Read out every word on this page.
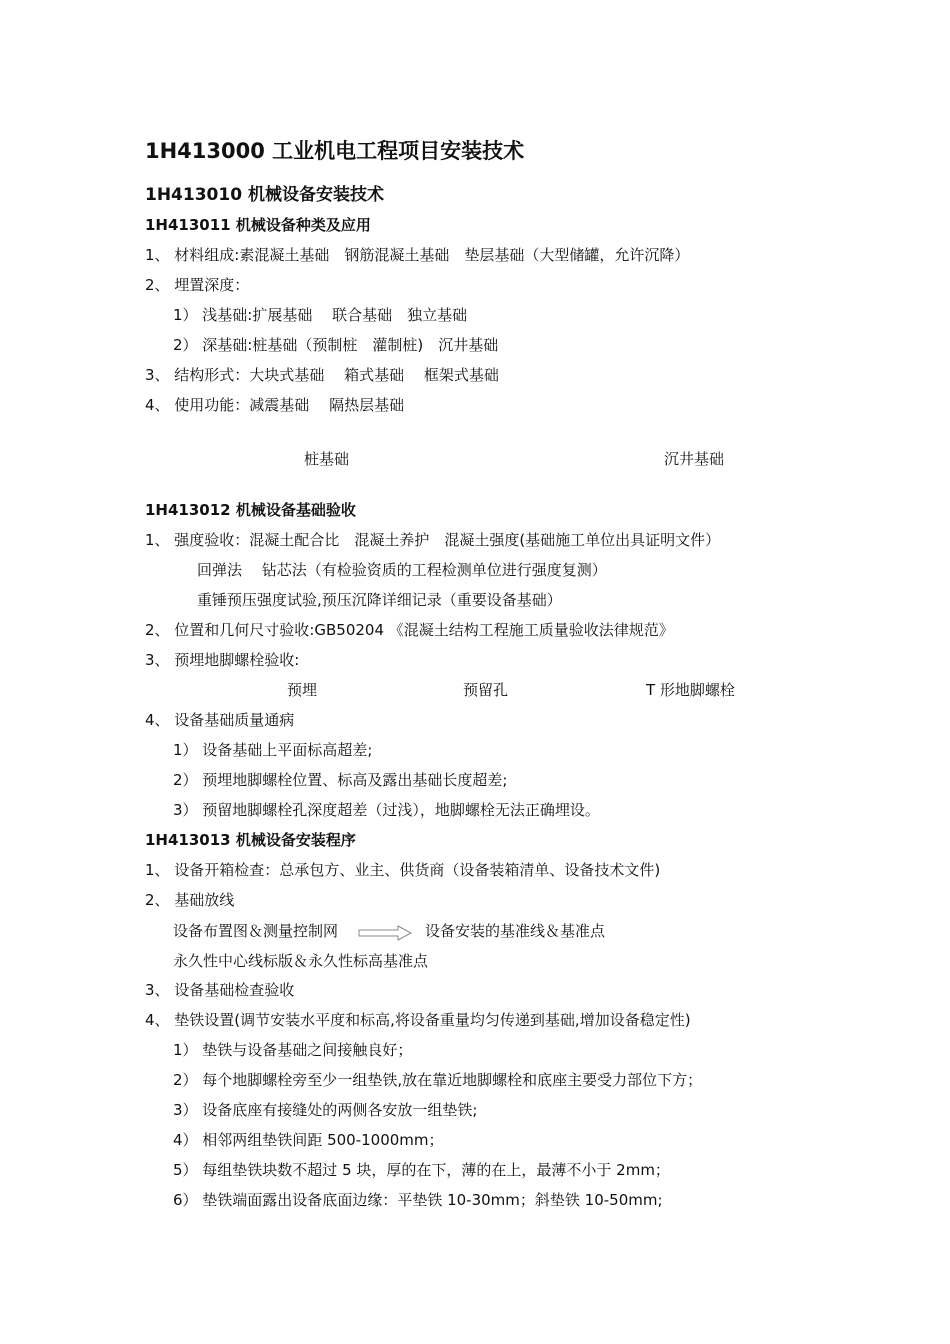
1H413000 工业机电工程项目安装技术
1H413010 机械设备安装技术
1H413011 机械设备种类及应用
1、 材料组成:素混凝土基础　钢筋混凝土基础　垫层基础（大型储罐，允许沉降）
2、 埋置深度：
1） 浅基础:扩展基础　 联合基础　独立基础
2） 深基础:桩基础（预制桩　灌制桩)　沉井基础
3、 结构形式：大块式基础　 箱式基础　 框架式基础
4、 使用功能：减震基础　 隔热层基础
桩基础	沉井基础
1H413012 机械设备基础验收
1、 强度验收：混凝土配合比　混凝土养护　混凝土强度(基础施工单位出具证明文件）
回弹法　 钻芯法（有检验资质的工程检测单位进行强度复测）
重锤预压强度试验,预压沉降详细记录（重要设备基础）
2、 位置和几何尺寸验收:GB50204 《混凝土结构工程施工质量验收法律规范》
3、 预埋地脚螺栓验收:
预埋	预留孔	T 形地脚螺栓
4、 设备基础质量通病
1） 设备基础上平面标高超差;
2） 预埋地脚螺栓位置、标高及露出基础长度超差;
3） 预留地脚螺栓孔深度超差（过浅），地脚螺栓无法正确埋设。
1H413013 机械设备安装程序
1、 设备开箱检查：总承包方、业主、供货商（设备装箱清单、设备技术文件)
2、 基础放线
设备布置图＆测量控制网	设备安装的基准线＆基准点
永久性中心线标版＆永久性标高基准点
3、 设备基础检查验收
4、 垫铁设置(调节安装水平度和标高,将设备重量均匀传递到基础,增加设备稳定性)
1） 垫铁与设备基础之间接触良好；
2） 每个地脚螺栓旁至少一组垫铁,放在靠近地脚螺栓和底座主要受力部位下方；
3） 设备底座有接缝处的两侧各安放一组垫铁;
4） 相邻两组垫铁间距 500-1000mm；
5） 每组垫铁块数不超过 5 块，厚的在下，薄的在上，最薄不小于 2mm；
6） 垫铁端面露出设备底面边缘：平垫铁 10-30mm；斜垫铁 10-50mm;
